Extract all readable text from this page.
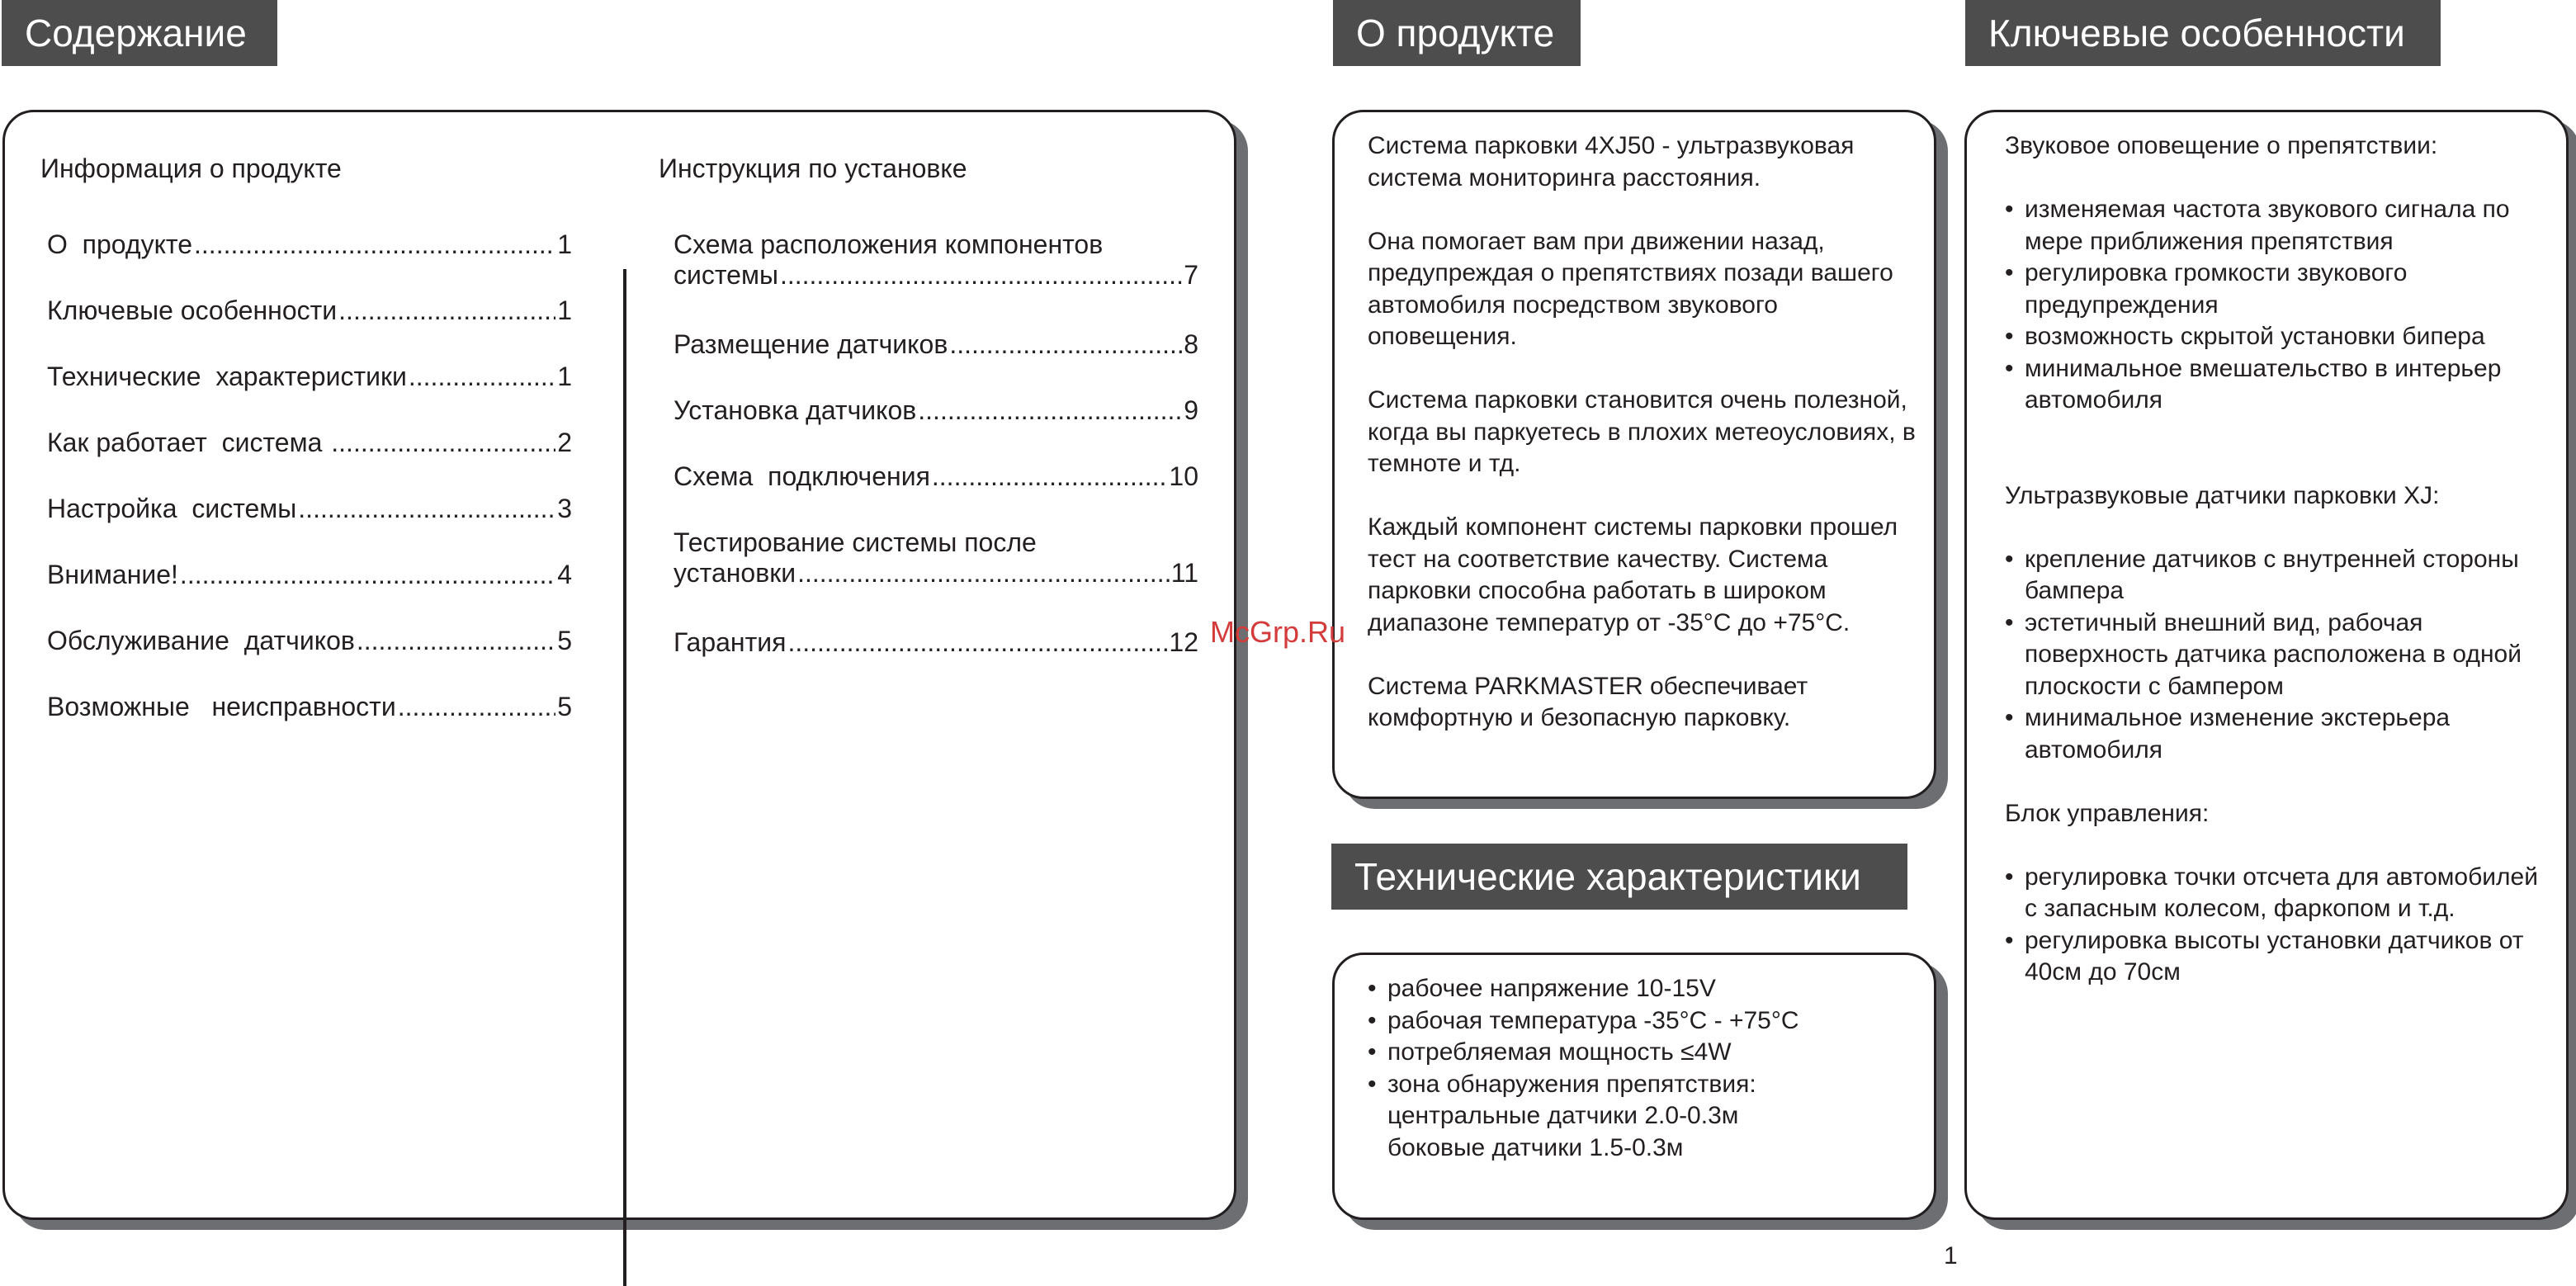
Содержание
Информация о продукте
О  продукте .....	1
Ключевые особенности .....	1
Технические  характеристики .....	1
Как работает  система .....	2
Настройка  системы .....	3
Внимание! .....	4
Обслуживание  датчиков .....	5
Возможные   неисправности .....	5
Инструкция по установке
Схема расположения компонентов
системы .....	7
Размещение датчиков .....	8
Установка датчиков .....	9
Схема  подключения .....	10
Тестирование системы после
установки .....	11
Гарантия .....	12
О продукте

Система парковки 4XJ50 - ультразвуковая система мониторинга расстояния.

Она помогает вам при движении назад, предупреждая о препятствиях позади вашего автомобиля посредством звукового оповещения.

Система парковки становится очень полезной, когда вы паркуетесь в плохих метеоусловиях, в темноте и тд.

Каждый компонент системы парковки прошел тест на соответствие качеству. Система парковки способна работать в широком диапазоне температур от -35°С до +75°С.

Система PARKMASTER обеспечивает комфортную и безопасную парковку.

Технические характеристики
• рабочее напряжение 10-15V
• рабочая температура -35°С - +75°С
• потребляемая мощность ≤4W
• зона обнаружения препятствия:
центральные датчики 2.0-0.3м
боковые датчики 1.5-0.3м
Ключевые особенности
Звуковое оповещение о препятствии:
• изменяемая частота звукового сигнала по мере приближения препятствия
• регулировка громкости звукового предупреждения
• возможность скрытой установки бипера
• минимальное вмешательство в интерьер автомобиля
Ультразвуковые датчики парковки XJ:
• крепление датчиков с внутренней стороны бампера
• эстетичный внешний вид, рабочая поверхность датчика расположена в одной плоскости с бампером
• минимальное изменение экстерьера автомобиля
Блок управления:
• регулировка точки отсчета для автомобилей с запасным колесом, фаркопом и т.д.
• регулировка высоты установки датчиков от 40см до 70см
McGrp.Ru
1
